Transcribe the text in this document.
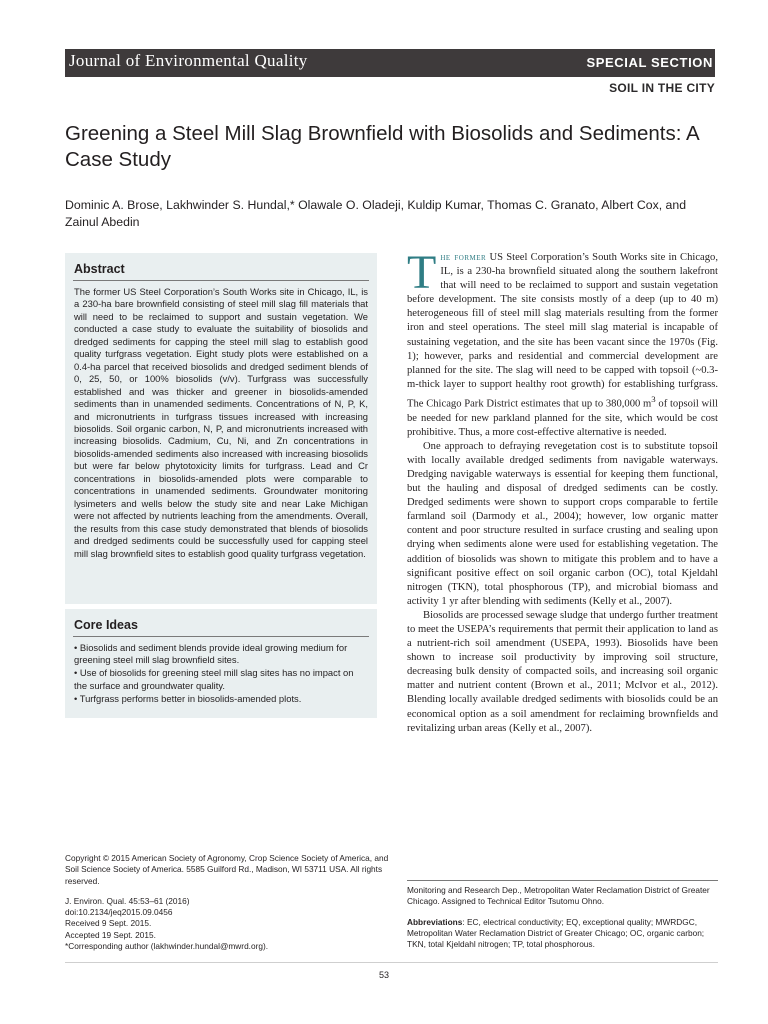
Journal of Environmental Quality	SPECIAL SECTION
SOIL IN THE CITY
Greening a Steel Mill Slag Brownfield with Biosolids and Sediments: A Case Study
Dominic A. Brose, Lakhwinder S. Hundal,* Olawale O. Oladeji, Kuldip Kumar, Thomas C. Granato, Albert Cox, and Zainul Abedin
Abstract
The former US Steel Corporation’s South Works site in Chicago, IL, is a 230-ha bare brownfield consisting of steel mill slag fill materials that will need to be reclaimed to support and sustain vegetation. We conducted a case study to evaluate the suitability of biosolids and dredged sediments for capping the steel mill slag to establish good quality turfgrass vegetation. Eight study plots were established on a 0.4-ha parcel that received biosolids and dredged sediment blends of 0, 25, 50, or 100% biosolids (v/v). Turfgrass was successfully established and was thicker and greener in biosolids-amended sediments than in unamended sediments. Concentrations of N, P, K, and micronutrients in turfgrass tissues increased with increasing biosolids. Soil organic carbon, N, P, and micronutrients increased with increasing biosolids. Cadmium, Cu, Ni, and Zn concentrations in biosolids-amended sediments also increased with increasing biosolids but were far below phytotoxicity limits for turfgrass. Lead and Cr concentrations in biosolids-amended plots were comparable to concentrations in unamended sediments. Groundwater monitoring lysimeters and wells below the study site and near Lake Michigan were not affected by nutrients leaching from the amendments. Overall, the results from this case study demonstrated that blends of biosolids and dredged sediments could be successfully used for capping steel mill slag brownfield sites to establish good quality turfgrass vegetation.
Core Ideas
• Biosolids and sediment blends provide ideal growing medium for greening steel mill slag brownfield sites.
• Use of biosolids for greening steel mill slag sites has no impact on the surface and groundwater quality.
• Turfgrass performs better in biosolids-amended plots.

The former US Steel Corporation’s South Works site in Chicago, IL, is a 230-ha brownfield situated along the southern lakefront that will need to be reclaimed to support and sustain vegetation before development. The site consists mostly of a deep (up to 40 m) heterogeneous fill of steel mill slag materials resulting from the former iron and steel operations. The steel mill slag material is incapable of sustaining vegetation, and the site has been vacant since the 1970s (Fig. 1); however, parks and residential and commercial development are planned for the site. The slag will need to be capped with topsoil (~0.3-m-thick layer to support healthy root growth) for establishing turfgrass. The Chicago Park District estimates that up to 380,000 $m^3$ of topsoil will be needed for new parkland planned for the site, which would be cost prohibitive. Thus, a more cost-effective alternative is needed.

One approach to defraying revegetation cost is to substitute topsoil with locally available dredged sediments from navigable waterways. Dredging navigable waterways is essential for keeping them functional, but the hauling and disposal of dredged sediments can be costly. Dredged sediments were shown to support crops comparable to fertile farmland soil (Darmody et al., 2004); however, low organic matter content and poor structure resulted in surface crusting and sealing upon drying when sediments alone were used for establishing vegetation. The addition of biosolids was shown to mitigate this problem and to have a significant positive effect on soil organic carbon (OC), total Kjeldahl nitrogen (TKN), total phosphorous (TP), and microbial biomass and activity 1 yr after blending with sediments (Kelly et al., 2007).

Biosolids are processed sewage sludge that undergo further treatment to meet the USEPA’s requirements that permit their application to land as a nutrient-rich soil amendment (USEPA, 1993). Biosolids have been shown to increase soil productivity by improving soil structure, decreasing bulk density of compacted soils, and increasing soil organic matter and nutrient content (Brown et al., 2011; McIvor et al., 2012). Blending locally available dredged sediments with biosolids could be an economical option as a soil amendment for reclaiming brownfields and revitalizing urban areas (Kelly et al., 2007).

Copyright © 2015 American Society of Agronomy, Crop Science Society of America, and Soil Science Society of America. 5585 Guilford Rd., Madison, WI 53711 USA. All rights reserved.
J. Environ. Qual. 45:53–61 (2016)
doi:10.2134/jeq2015.09.0456
Received 9 Sept. 2015.
Accepted 19 Sept. 2015.
*Corresponding author (lakhwinder.hundal@mwrd.org).
Monitoring and Research Dep., Metropolitan Water Reclamation District of Greater Chicago. Assigned to Technical Editor Tsutomu Ohno.
Abbreviations: EC, electrical conductivity; EQ, exceptional quality; MWRDGC, Metropolitan Water Reclamation District of Greater Chicago; OC, organic carbon; TKN, total Kjeldahl nitrogen; TP, total phosphorous.
53
